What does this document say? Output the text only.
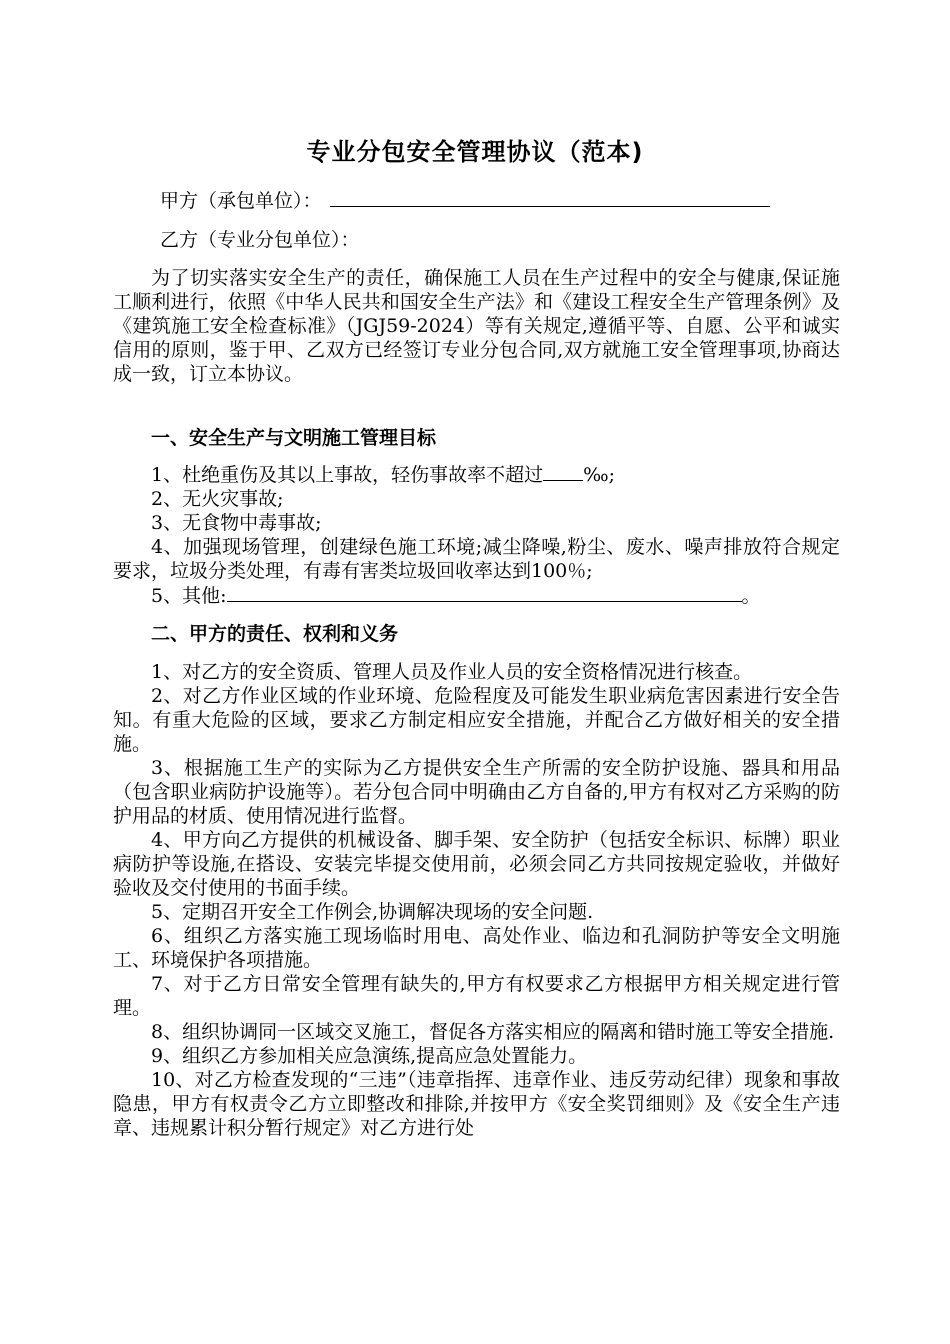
专业分包安全管理协议（范本)
甲方（承包单位）：
乙方（专业分包单位）：

为了切实落实安全生产的责任，确保施工人员在生产过程中的安全与健康,保证施工顺利进行，依照《中华人民共和国安全生产法》和《建设工程安全生产管理条例》及《建筑施工安全检查标准》（JGJ59-2024）等有关规定,遵循平等、自愿、公平和诚实信用的原则，鉴于甲、乙双方已经签订专业分包合同,双方就施工安全管理事项,协商达成一致，订立本协议。

一、安全生产与文明施工管理目标

1、杜绝重伤及其以上事故，轻伤事故率不超过 ‰;

2、无火灾事故;

3、无食物中毒事故;

4、加强现场管理，创建绿色施工环境;减尘降噪,粉尘、废水、噪声排放符合规定要求，垃圾分类处理，有毒有害类垃圾回收率达到100％;

5、其他:	。

二、甲方的责任、权利和义务

1、对乙方的安全资质、管理人员及作业人员的安全资格情况进行核查。

2、对乙方作业区域的作业环境、危险程度及可能发生职业病危害因素进行安全告知。有重大危险的区域，要求乙方制定相应安全措施，并配合乙方做好相关的安全措施。

3、根据施工生产的实际为乙方提供安全生产所需的安全防护设施、器具和用品（包含职业病防护设施等）。若分包合同中明确由乙方自备的,甲方有权对乙方采购的防护用品的材质、使用情况进行监督。

4、甲方向乙方提供的机械设备、脚手架、安全防护（包括安全标识、标牌）职业病防护等设施,在搭设、安装完毕提交使用前，必须会同乙方共同按规定验收，并做好验收及交付使用的书面手续。

5、定期召开安全工作例会,协调解决现场的安全问题.

6、组织乙方落实施工现场临时用电、高处作业、临边和孔洞防护等安全文明施工、环境保护各项措施。

7、对于乙方日常安全管理有缺失的,甲方有权要求乙方根据甲方相关规定进行管理。

8、组织协调同一区域交叉施工，督促各方落实相应的隔离和错时施工等安全措施.

9、组织乙方参加相关应急演练,提高应急处置能力。

10、对乙方检查发现的“三违”（违章指挥、违章作业、违反劳动纪律）现象和事故隐患，甲方有权责令乙方立即整改和排除,并按甲方《安全奖罚细则》及《安全生产违章、违规累计积分暂行规定》对乙方进行处
